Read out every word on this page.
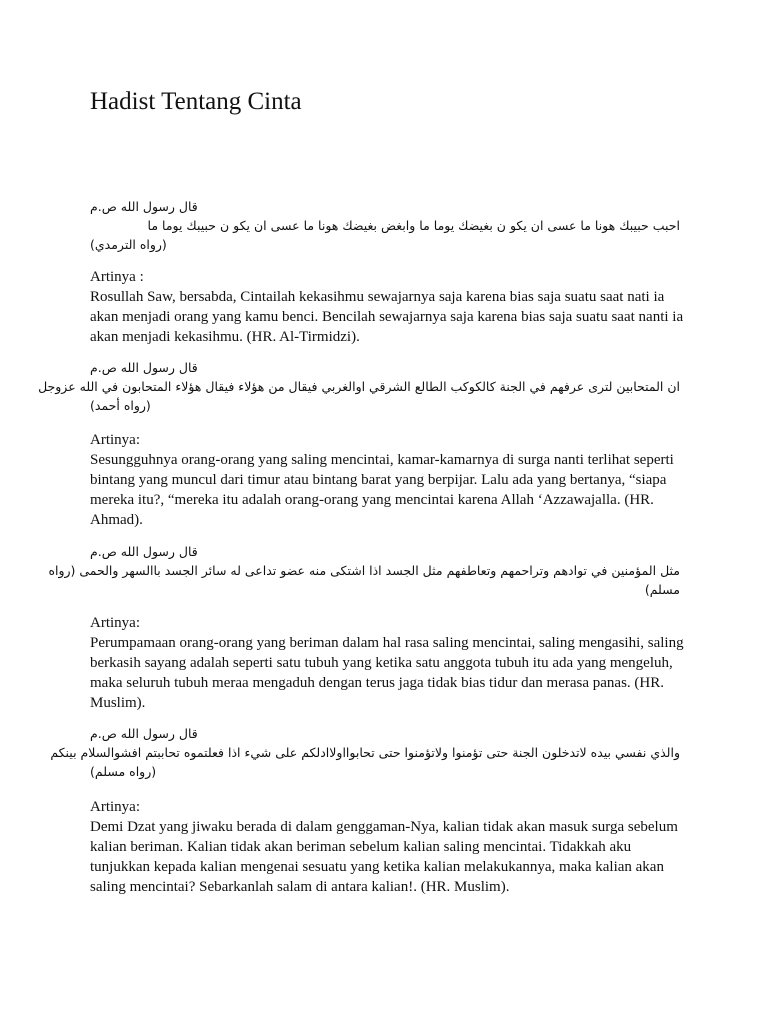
Hadist Tentang Cinta
قال رسول الله ص.م
احبب حبيبك هونا ما عسى ان يكو ن بغيضك يوما ما وابغض بغيضك هونا ما عسى ان يكو ن حبيبك يوما ما
(رواه الترمدي)
Artinya :
Rosullah Saw, bersabda, Cintailah kekasihmu sewajarnya saja karena bias saja suatu saat nati ia akan menjadi orang yang kamu benci. Bencilah sewajarnya saja karena bias saja suatu saat nanti ia akan menjadi kekasihmu. (HR. Al-Tirmidzi).
قال رسول الله ص.م
ان المتحابين لترى عرفهم في الجنة كالكوكب الطالع الشرقي اوالغربي فيقال من هؤلاء فيقال هؤلاء المتحابون في الله عزوجل
(رواه أحمد)
Artinya:
Sesungguhnya orang-orang yang saling mencintai, kamar-kamarnya di surga nanti terlihat seperti bintang yang muncul dari timur atau bintang barat yang berpijar. Lalu ada yang bertanya, “siapa mereka itu?, “mereka itu adalah orang-orang yang mencintai karena Allah ‘Azzawajalla. (HR. Ahmad).
قال رسول الله ص.م
مثل المؤمنين في توادهم وتراحمهم وتعاطفهم مثل الجسد اذا اشتكى منه عضو تداعى له سائر الجسد باالسهر والحمى (رواه
مسلم)
Artinya:
Perumpamaan orang-orang yang beriman dalam hal rasa saling mencintai, saling mengasihi, saling berkasih sayang adalah seperti satu tubuh yang ketika satu anggota tubuh itu ada yang mengeluh, maka seluruh tubuh meraa mengaduh dengan terus jaga tidak bias tidur dan merasa panas. (HR. Muslim).
قال رسول الله ص.م
والذي نفسي بيده لاتدخلون الجنة حتى تؤمنوا ولاتؤمنوا حتى تحابوااولاادلكم على شيء اذا فعلتموه تحاببتم افشوالسلام بينكم
(رواه مسلم)
Artinya:
Demi Dzat yang jiwaku berada di dalam genggaman-Nya, kalian tidak akan masuk surga sebelum kalian beriman. Kalian tidak akan beriman sebelum kalian saling mencintai. Tidakkah aku tunjukkan kepada kalian mengenai sesuatu yang ketika kalian melakukannya, maka kalian akan saling mencintai? Sebarkanlah salam di antara kalian!. (HR. Muslim).
